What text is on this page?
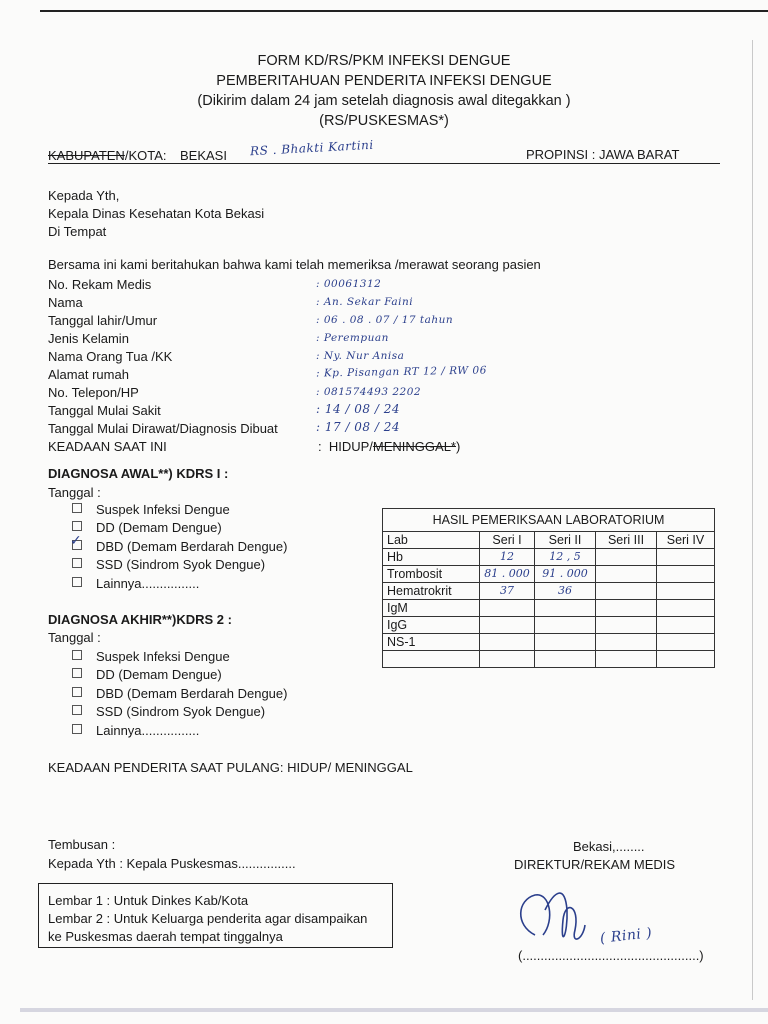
FORM KD/RS/PKM INFEKSI DENGUE
PEMBERITAHUAN PENDERITA INFEKSI DENGUE
(Dikirim dalam 24 jam setelah diagnosis awal ditegakkan )
(RS/PUSKESMAS*)
KABUPATEN/KOTA: BEKASI RS . Bhakti Kartini	PROPINSI : JAWA BARAT
Kepada Yth,
Kepala Dinas Kesehatan Kota Bekasi
Di Tempat
Bersama ini kami beritahukan bahwa kami telah memeriksa /merawat seorang pasien
No. Rekam Medis	: 00061312
Nama	: An. Sekar Faini
Tanggal lahir/Umur	: 06 . 08 . 07 / 17 tahun
Jenis Kelamin	: Perempuan
Nama Orang Tua /KK	: Ny. Nur Anisa
Alamat rumah	: Kp. Pisangan RT 12 / RW 06
No. Telepon/HP	: 081574493 2202
Tanggal Mulai Sakit	: 14 / 08 / 24
Tanggal Mulai Dirawat/Diagnosis Dibuat	: 17 / 08 / 24
KEADAAN SAAT INI	: HIDUP/MENINGGAL*)
DIAGNOSA AWAL**) KDRS I :
Tanggal :
Suspek Infeksi Dengue
DD (Demam Dengue)
✓ DBD (Demam Berdarah Dengue)
SSD (Sindrom Syok Dengue)
Lainnya................
HASIL PEMERIKSAAN LABORATORIUM				
Lab	Seri I	Seri II	Seri III	Seri IV
Hb	12	12 , 5		
Trombosit	81 . 000	91 . 000		
Hematrokrit	37	36		
IgM				
IgG				
NS-1				

DIAGNOSA AKHIR**)KDRS 2 :
Tanggal :
Suspek Infeksi Dengue
DD (Demam Dengue)
DBD (Demam Berdarah Dengue)
SSD (Sindrom Syok Dengue)
Lainnya................
KEADAAN PENDERITA SAAT PULANG: HIDUP/ MENINGGAL
Tembusan :
Kepada Yth : Kepala Puskesmas................
Bekasi,........
DIREKTUR/REKAM MEDIS
( Rini )
(.................................................)
Lembar 1 : Untuk Dinkes Kab/Kota
Lembar 2 : Untuk Keluarga penderita agar disampaikan
ke Puskesmas daerah tempat tinggalnya
